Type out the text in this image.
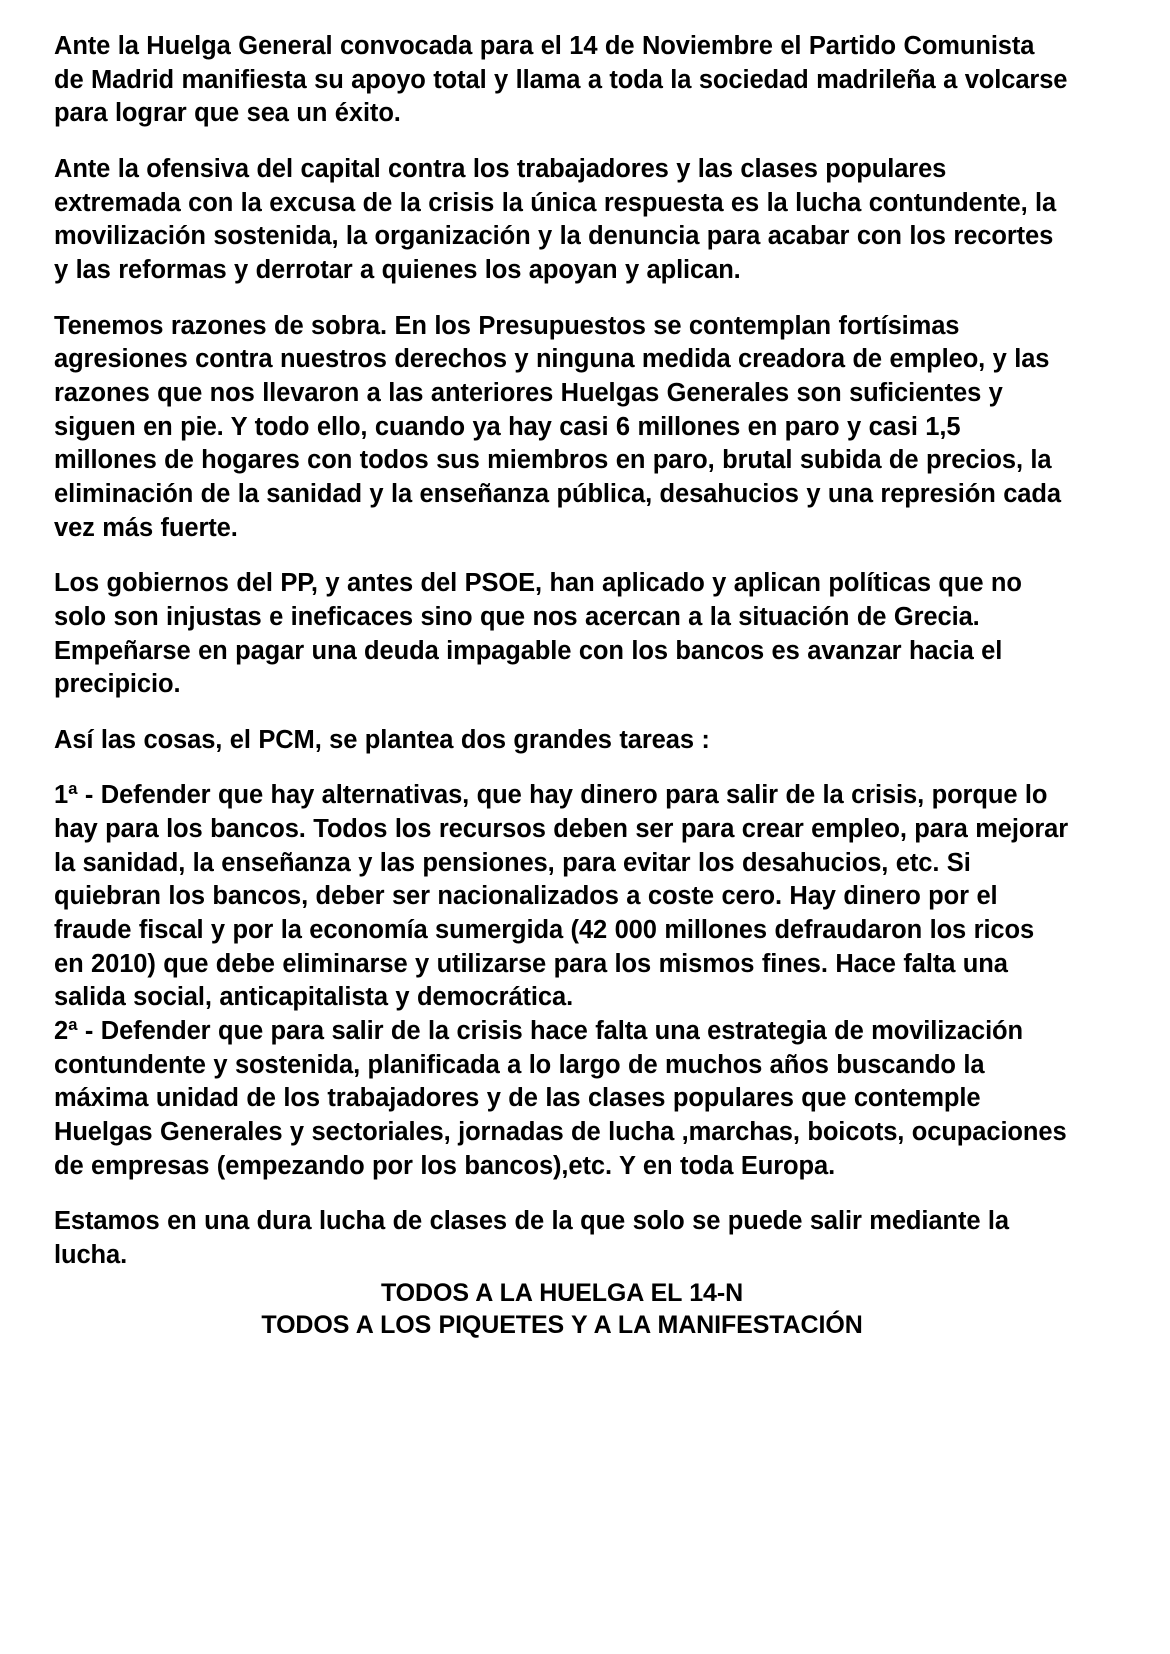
Ante la Huelga General convocada para el 14 de Noviembre el Partido Comunista de Madrid manifiesta su apoyo total y llama a toda la sociedad madrileña a volcarse para lograr que sea un éxito.

Ante la ofensiva del capital contra los trabajadores y las clases populares extremada con la excusa de la crisis la única respuesta es la lucha contundente, la movilización sostenida, la organización y la denuncia para acabar con los recortes y las reformas y derrotar a quienes los apoyan y aplican.

Tenemos razones de sobra. En los Presupuestos se contemplan fortísimas agresiones contra nuestros derechos y ninguna medida creadora de empleo, y las razones que nos llevaron a las anteriores Huelgas Generales son suficientes y siguen en pie. Y todo ello, cuando ya hay casi 6 millones en paro y casi 1,5 millones de hogares con todos sus miembros en paro, brutal subida de precios, la eliminación de la sanidad y la enseñanza pública, desahucios y una represión cada vez más fuerte.

Los gobiernos del PP, y antes del PSOE, han aplicado y aplican políticas que no solo son injustas e ineficaces sino que nos acercan a la situación de Grecia. Empeñarse en pagar una deuda impagable con los bancos es avanzar hacia el precipicio.

Así las cosas, el PCM, se plantea dos grandes tareas :

1ª - Defender que hay alternativas, que hay dinero para salir de la crisis, porque lo hay para los bancos. Todos los recursos deben ser para crear empleo, para mejorar la sanidad, la enseñanza y las pensiones, para evitar los desahucios, etc. Si quiebran los bancos, deber ser nacionalizados a coste cero. Hay dinero por el fraude fiscal y por la economía sumergida (42 000 millones defraudaron los ricos en 2010) que debe eliminarse y utilizarse para los mismos fines. Hace falta una salida social, anticapitalista y democrática.

2ª - Defender que para salir de la crisis hace falta una estrategia de movilización contundente y sostenida, planificada a lo largo de muchos años buscando la máxima unidad de los trabajadores y de las clases populares que contemple Huelgas Generales y sectoriales, jornadas de lucha ,marchas, boicots, ocupaciones de empresas (empezando por los bancos),etc. Y en toda Europa.

Estamos en una dura lucha de clases de la que solo se puede salir mediante la lucha.

TODOS A LA HUELGA EL 14-N
TODOS A LOS PIQUETES Y A LA MANIFESTACIÓN
